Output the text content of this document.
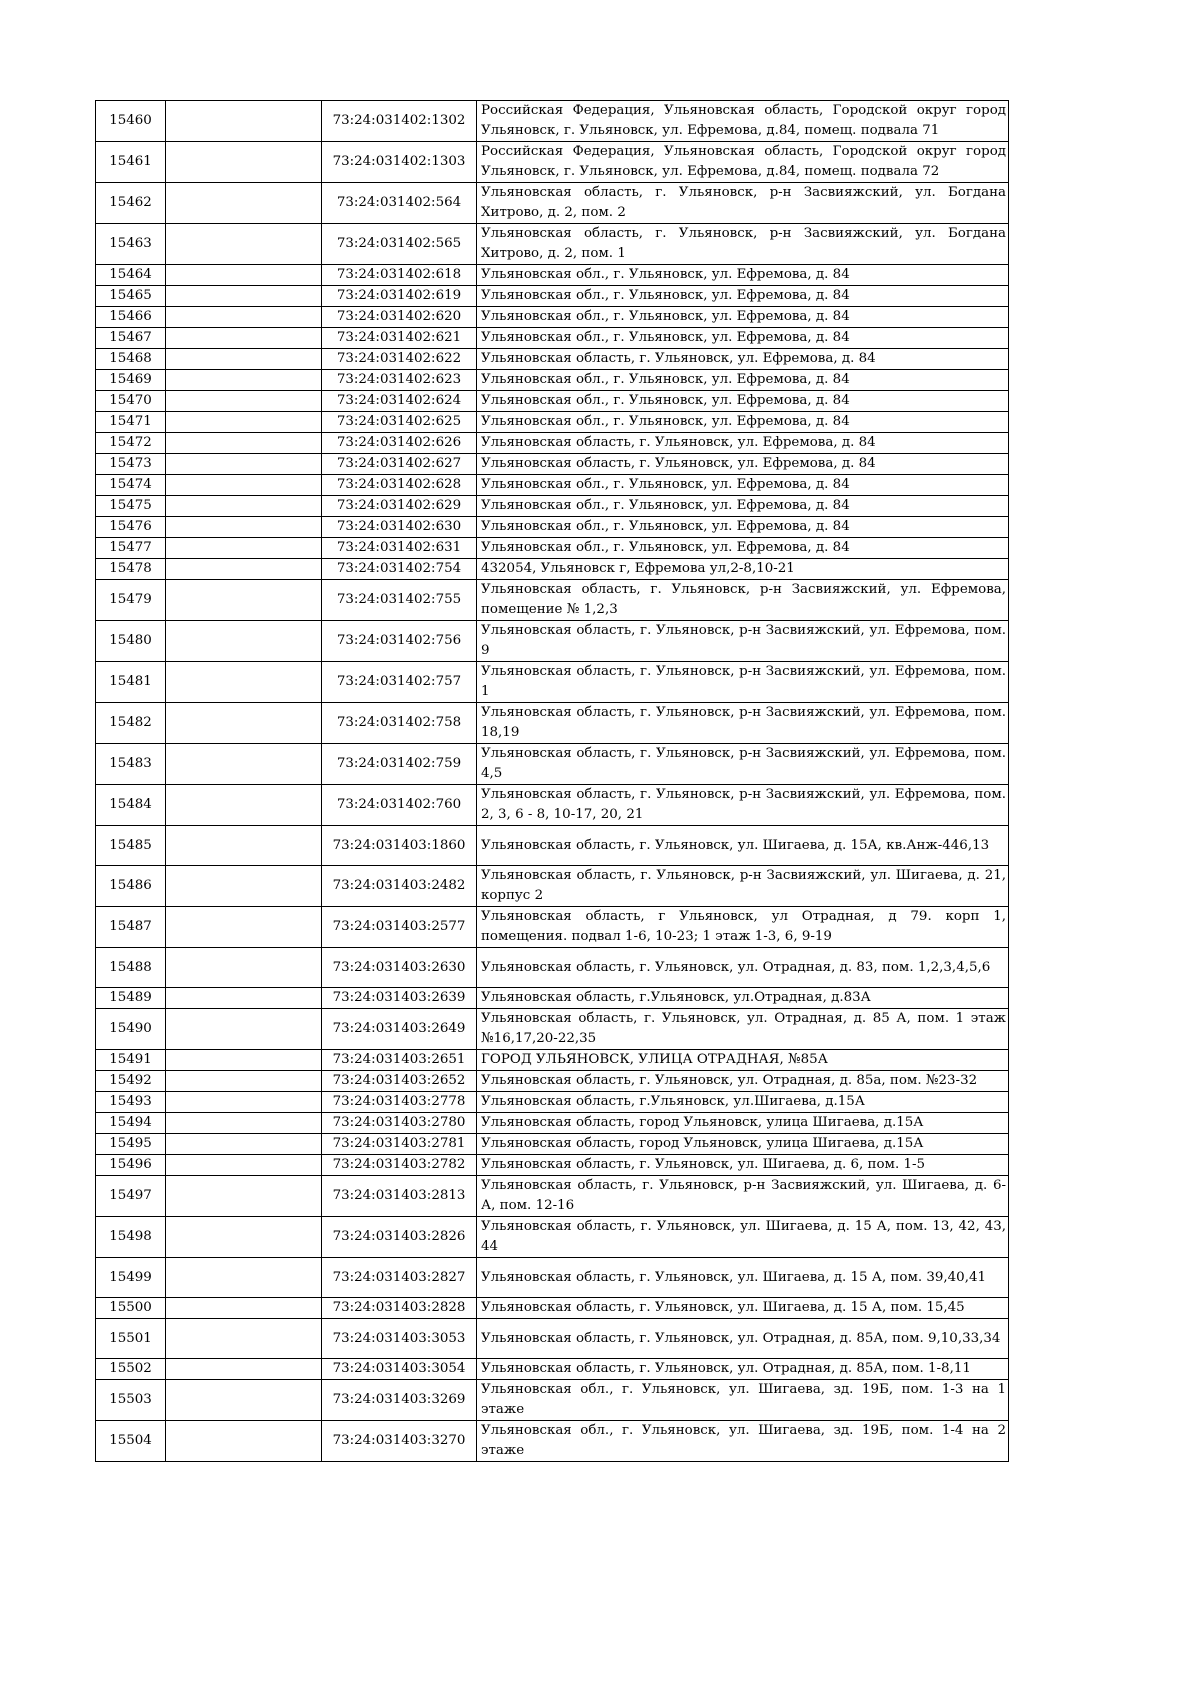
15460		73:24:031402:1302	Российская Федерация, Ульяновская область, Городской округ город Ульяновск, г. Ульяновск, ул. Ефремова, д.84, помещ. подвала 71
15461		73:24:031402:1303	Российская Федерация, Ульяновская область, Городской округ город Ульяновск, г. Ульяновск, ул. Ефремова, д.84, помещ. подвала 72
15462		73:24:031402:564	Ульяновская область, г. Ульяновск, р-н Засвияжский, ул. Богдана Хитрово, д. 2, пом. 2
15463		73:24:031402:565	Ульяновская область, г. Ульяновск, р-н Засвияжский, ул. Богдана Хитрово, д. 2, пом. 1
15464		73:24:031402:618	Ульяновская обл., г. Ульяновск, ул. Ефремова, д. 84
15465		73:24:031402:619	Ульяновская обл., г. Ульяновск, ул. Ефремова, д. 84
15466		73:24:031402:620	Ульяновская обл., г. Ульяновск, ул. Ефремова, д. 84
15467		73:24:031402:621	Ульяновская обл., г. Ульяновск, ул. Ефремова, д. 84
15468		73:24:031402:622	Ульяновская область, г. Ульяновск, ул. Ефремова, д. 84
15469		73:24:031402:623	Ульяновская обл., г. Ульяновск, ул. Ефремова, д. 84
15470		73:24:031402:624	Ульяновская обл., г. Ульяновск, ул. Ефремова, д. 84
15471		73:24:031402:625	Ульяновская обл., г. Ульяновск, ул. Ефремова, д. 84
15472		73:24:031402:626	Ульяновская область, г. Ульяновск, ул. Ефремова, д. 84
15473		73:24:031402:627	Ульяновская область, г. Ульяновск, ул. Ефремова, д. 84
15474		73:24:031402:628	Ульяновская обл., г. Ульяновск, ул. Ефремова, д. 84
15475		73:24:031402:629	Ульяновская обл., г. Ульяновск, ул. Ефремова, д. 84
15476		73:24:031402:630	Ульяновская обл., г. Ульяновск, ул. Ефремова, д. 84
15477		73:24:031402:631	Ульяновская обл., г. Ульяновск, ул. Ефремова, д. 84
15478		73:24:031402:754	432054, Ульяновск г, Ефремова ул,2-8,10-21
15479		73:24:031402:755	Ульяновская область, г. Ульяновск, р-н Засвияжский, ул. Ефремова, помещение № 1,2,3
15480		73:24:031402:756	Ульяновская область, г. Ульяновск, р-н Засвияжский, ул. Ефремова, пом. 9
15481		73:24:031402:757	Ульяновская область, г. Ульяновск, р-н Засвияжский, ул. Ефремова, пом. 1
15482		73:24:031402:758	Ульяновская область, г. Ульяновск, р-н Засвияжский, ул. Ефремова, пом. 18,19
15483		73:24:031402:759	Ульяновская область, г. Ульяновск, р-н Засвияжский, ул. Ефремова, пом. 4,5
15484		73:24:031402:760	Ульяновская область, г. Ульяновск, р-н Засвияжский, ул. Ефремова, пом. 2, 3, 6 - 8, 10-17, 20, 21
15485		73:24:031403:1860	Ульяновская область, г. Ульяновск, ул. Шигаева, д. 15А, кв.Анж-446,13
15486		73:24:031403:2482	Ульяновская область, г. Ульяновск, р-н Засвияжский, ул. Шигаева, д. 21, корпус 2
15487		73:24:031403:2577	Ульяновская область, г Ульяновск, ул Отрадная, д 79. корп 1, помещения. подвал 1-6, 10-23; 1 этаж 1-3, 6, 9-19
15488		73:24:031403:2630	Ульяновская область, г. Ульяновск, ул. Отрадная, д. 83, пом. 1,2,3,4,5,6
15489		73:24:031403:2639	Ульяновская область, г.Ульяновск, ул.Отрадная, д.83А
15490		73:24:031403:2649	Ульяновская область, г. Ульяновск, ул. Отрадная, д. 85 А, пом. 1 этаж №16,17,20-22,35
15491		73:24:031403:2651	ГОРОД УЛЬЯНОВСК, УЛИЦА ОТРАДНАЯ, №85А
15492		73:24:031403:2652	Ульяновская область, г. Ульяновск, ул. Отрадная, д. 85а, пом. №23-32
15493		73:24:031403:2778	Ульяновская область, г.Ульяновск, ул.Шигаева, д.15А
15494		73:24:031403:2780	Ульяновская область, город Ульяновск, улица Шигаева, д.15А
15495		73:24:031403:2781	Ульяновская область, город Ульяновск, улица Шигаева, д.15А
15496		73:24:031403:2782	Ульяновская область, г. Ульяновск, ул. Шигаева, д. 6, пом. 1-5
15497		73:24:031403:2813	Ульяновская область, г. Ульяновск, р-н Засвияжский, ул. Шигаева, д. 6-А, пом. 12-16
15498		73:24:031403:2826	Ульяновская область, г. Ульяновск, ул. Шигаева, д. 15 А, пом. 13, 42, 43, 44
15499		73:24:031403:2827	Ульяновская область, г. Ульяновск, ул. Шигаева, д. 15 А, пом. 39,40,41
15500		73:24:031403:2828	Ульяновская область, г. Ульяновск, ул. Шигаева, д. 15 А, пом. 15,45
15501		73:24:031403:3053	Ульяновская область, г. Ульяновск, ул. Отрадная, д. 85А, пом. 9,10,33,34
15502		73:24:031403:3054	Ульяновская область, г. Ульяновск, ул. Отрадная, д. 85А, пом. 1-8,11
15503		73:24:031403:3269	Ульяновская обл., г. Ульяновск, ул. Шигаева, зд. 19Б, пом. 1-3 на 1 этаже
15504		73:24:031403:3270	Ульяновская обл., г. Ульяновск, ул. Шигаева, зд. 19Б, пом. 1-4 на 2 этаже
